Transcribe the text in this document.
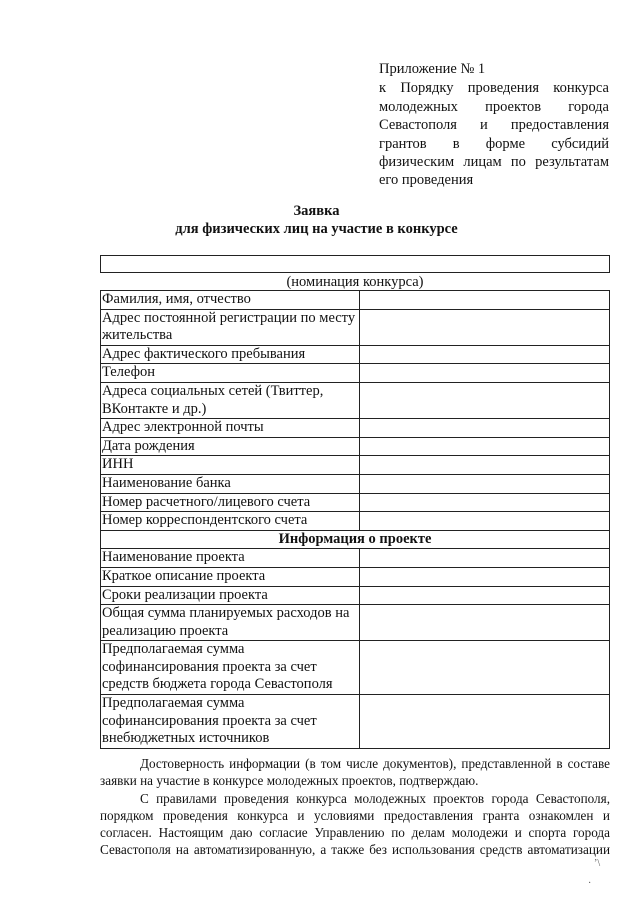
Приложение № 1
к Порядку проведения конкурса молодежных проектов города Севастополя и предоставления грантов в форме субсидий физическим лицам по результатам его проведения
Заявка
для физических лиц на участие в конкурсе
(номинация конкурса)
Фамилия, имя, отчество	
Адрес постоянной регистрации по месту жительства	
Адрес фактического пребывания	
Телефон	
Адреса социальных сетей (Твиттер, ВКонтакте и др.)	
Адрес электронной почты	
Дата рождения	
ИНН	
Наименование банка	
Номер расчетного/лицевого счета	
Номер корреспондентского счета	
Информация о проекте	
Наименование проекта	
Краткое описание проекта	
Сроки реализации проекта	
Общая сумма планируемых расходов на реализацию проекта	
Предполагаемая сумма софинансирования проекта за счет средств бюджета города Севастополя	
Предполагаемая сумма софинансирования проекта за счет внебюджетных источников	

Достоверность информации (в том числе документов), представленной в составе заявки на участие в конкурсе молодежных проектов, подтверждаю.

С правилами проведения конкурса молодежных проектов города Севастополя, порядком проведения конкурса и условиями предоставления гранта ознакомлен и согласен. Настоящим даю согласие Управлению по делам молодежи и спорта города Севастополя на автоматизированную, а также без использования средств автоматизации

ʼ\
·
